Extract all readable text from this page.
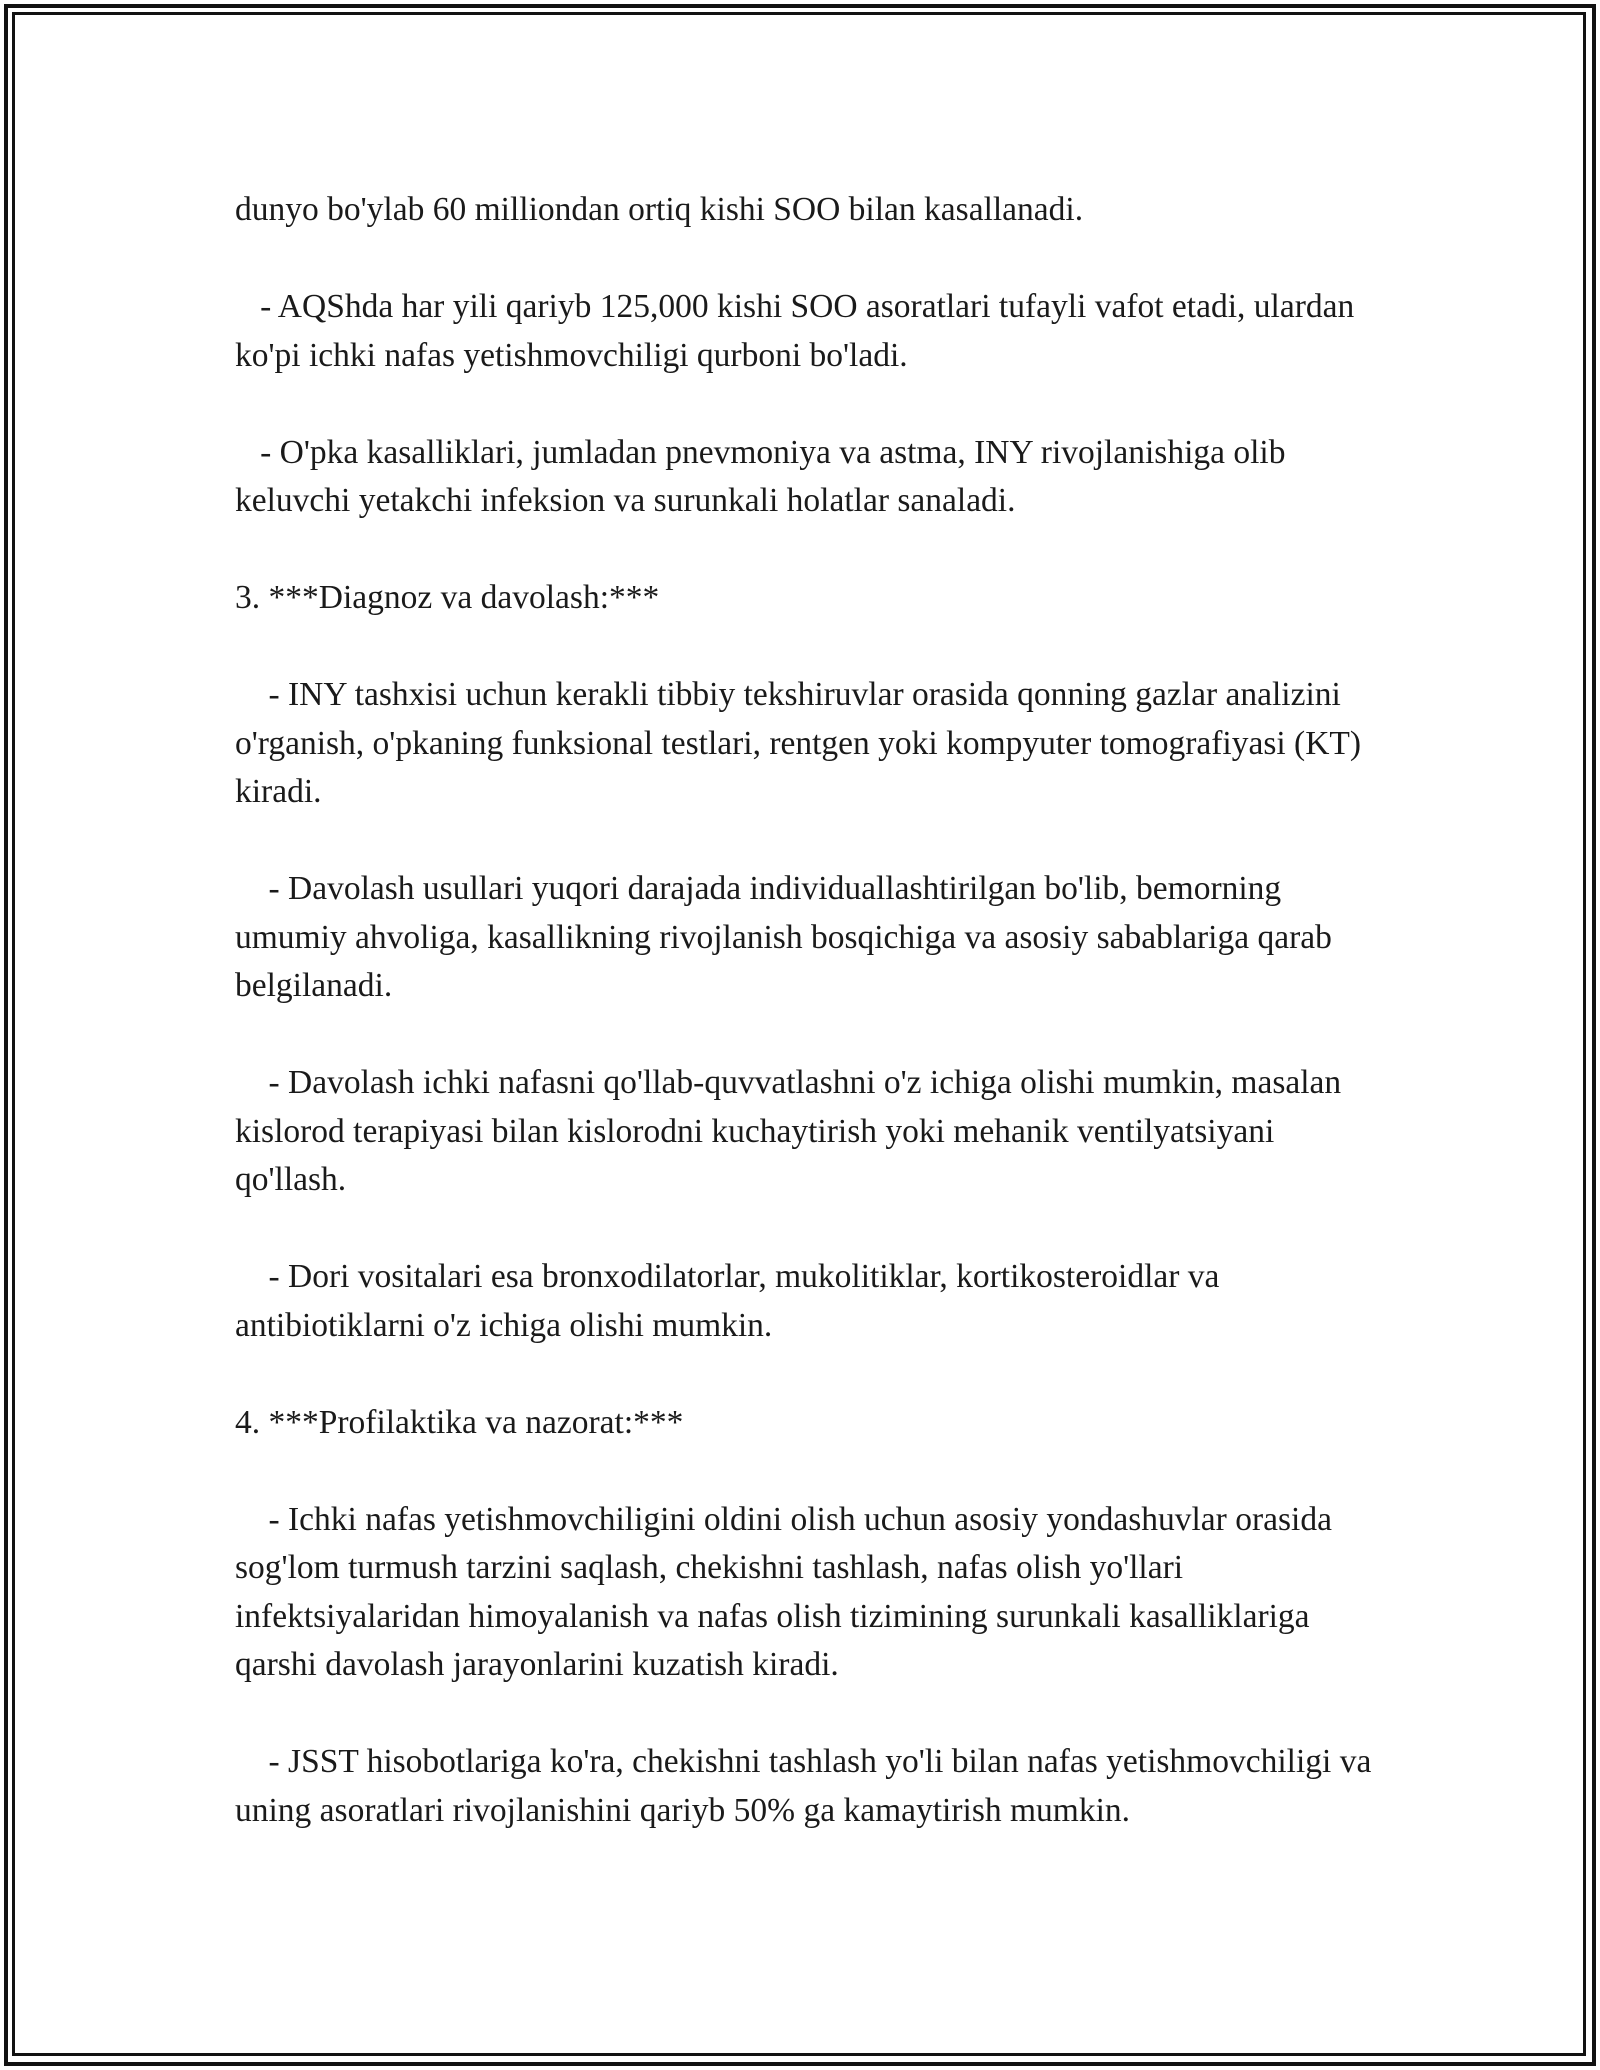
dunyo bo'ylab 60 milliondan ortiq kishi SOO bilan kasallanadi.

- AQShda har yili qariyb 125,000 kishi SOO asoratlari tufayli vafot etadi, ulardan ko'pi ichki nafas yetishmovchiligi qurboni bo'ladi.

- O'pka kasalliklari, jumladan pnevmoniya va astma, INY rivojlanishiga olib keluvchi yetakchi infeksion va surunkali holatlar sanaladi.

3. ***Diagnoz va davolash:***

- INY tashxisi uchun kerakli tibbiy tekshiruvlar orasida qonning gazlar analizini o'rganish, o'pkaning funksional testlari, rentgen yoki kompyuter tomografiyasi (KT) kiradi.

- Davolash usullari yuqori darajada individuallashtirilgan bo'lib, bemorning umumiy ahvoliga, kasallikning rivojlanish bosqichiga va asosiy sabablariga qarab belgilanadi.

- Davolash ichki nafasni qo'llab-quvvatlashni o'z ichiga olishi mumkin, masalan kislorod terapiyasi bilan kislorodni kuchaytirish yoki mehanik ventilyatsiyani qo'llash.

- Dori vositalari esa bronxodilatorlar, mukolitiklar, kortikosteroidlar va antibiotiklarni o'z ichiga olishi mumkin.

4. ***Profilaktika va nazorat:***

- Ichki nafas yetishmovchiligini oldini olish uchun asosiy yondashuvlar orasida sog'lom turmush tarzini saqlash, chekishni tashlash, nafas olish yo'llari infektsiyalaridan himoyalanish va nafas olish tizimining surunkali kasalliklariga qarshi davolash jarayonlarini kuzatish kiradi.

- JSST hisobotlariga ko'ra, chekishni tashlash yo'li bilan nafas yetishmovchiligi va uning asoratlari rivojlanishini qariyb 50% ga kamaytirish mumkin.
